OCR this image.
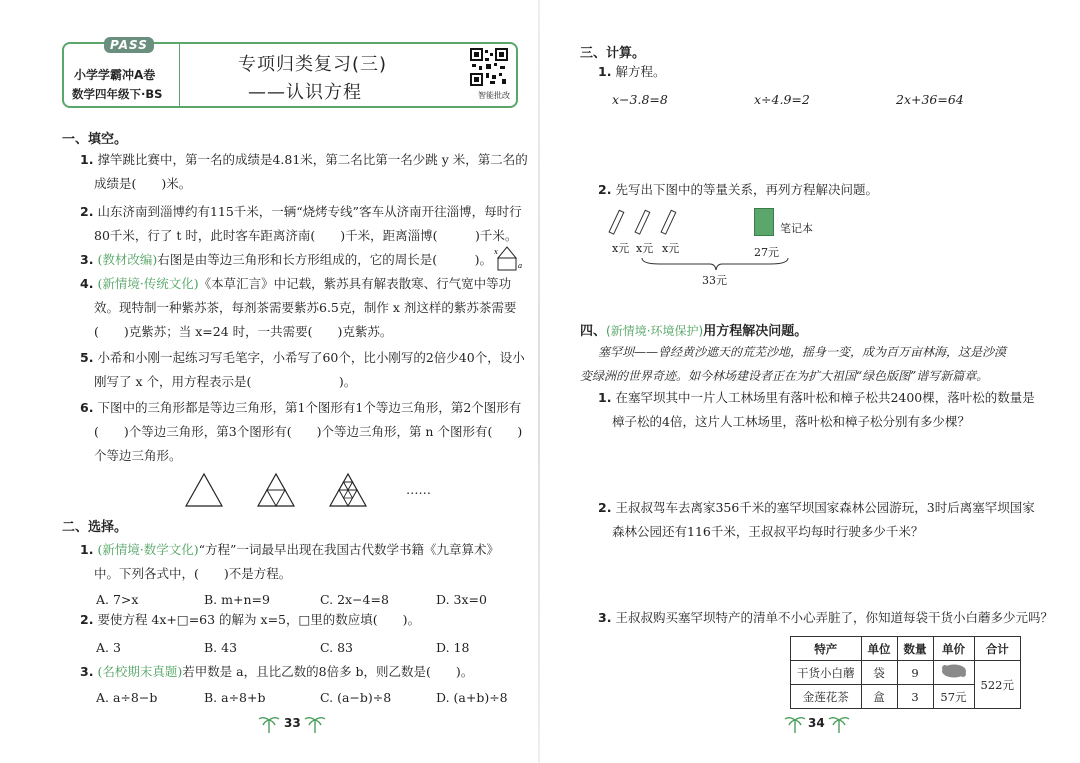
PASS
小学学霸冲A卷
数学四年级下·BS
专项归类复习(三)
——认识方程	智能批改
一、填空。
1. 撑竿跳比赛中，第一名的成绩是4.81米，第二名比第一名少跳 y 米，第二名的
成绩是(　　)米。
2. 山东济南到淄博约有115千米，一辆“烧烤专线”客车从济南开往淄博，每时行
80千米，行了 t 时，此时客车距离济南(　　)千米，距离淄博(　　　)千米。
3. (教材改编)右图是由等边三角形和长方形组成的，它的周长是(　　　)。 x
a
4. (新情境·传统文化)《本草汇言》中记载，紫苏具有解表散寒、行气宽中等功
效。现特制一种紫苏茶，每剂茶需要紫苏6.5克，制作 x 剂这样的紫苏茶需要
(　　)克紫苏；当 x=24 时，一共需要(　　)克紫苏。
5. 小希和小刚一起练习写毛笔字，小希写了60个，比小刚写的2倍少40个，设小
刚写了 x 个，用方程表示是(　　　　　　　)。
6. 下图中的三角形都是等边三角形，第1个图形有1个等边三角形，第2个图形有
(　　)个等边三角形，第3个图形有(　　)个等边三角形，第 n 个图形有(　　)
个等边三角形。
……
二、选择。
1. (新情境·数学文化)“方程”一词最早出现在我国古代数学书籍《九章算术》
中。下列各式中，(　　)不是方程。
A. 7>x	B. m+n=9	C. 2x−4=8	D. 3x=0
2. 要使方程 4x+□=63 的解为 x=5，□里的数应填(　　)。
A. 3	B. 43	C. 83	D. 18
3. (名校期末真题)若甲数是 a，且比乙数的8倍多 b，则乙数是(　　)。
A. a÷8−b	B. a÷8+b	C. (a−b)÷8	D. (a+b)÷8
33
三、计算。
1. 解方程。
x−3.8=8	x÷4.9=2	2x+36=64
2. 先写出下图中的等量关系，再列方程解决问题。
x元 x元 x元
笔记本
27元
33元
四、(新情境·环境保护)用方程解决问题。
塞罕坝——曾经黄沙遮天的荒芜沙地，摇身一变，成为百万亩林海，这是沙漠
变绿洲的世界奇迹。如今林场建设者正在为扩大祖国“绿色版图”谱写新篇章。
1. 在塞罕坝其中一片人工林场里有落叶松和樟子松共2400棵，落叶松的数量是
樟子松的4倍，这片人工林场里，落叶松和樟子松分别有多少棵？
2. 王叔叔驾车去离家356千米的塞罕坝国家森林公园游玩，3时后离塞罕坝国家
森林公园还有116千米，王叔叔平均每时行驶多少千米？
3. 王叔叔购买塞罕坝特产的清单不小心弄脏了，你知道每袋干货小白蘑多少元吗？
特产	单位	数量	单价	合计
干货小白蘑	袋	9		522元
金莲花茶	盒	3	57元	
34
